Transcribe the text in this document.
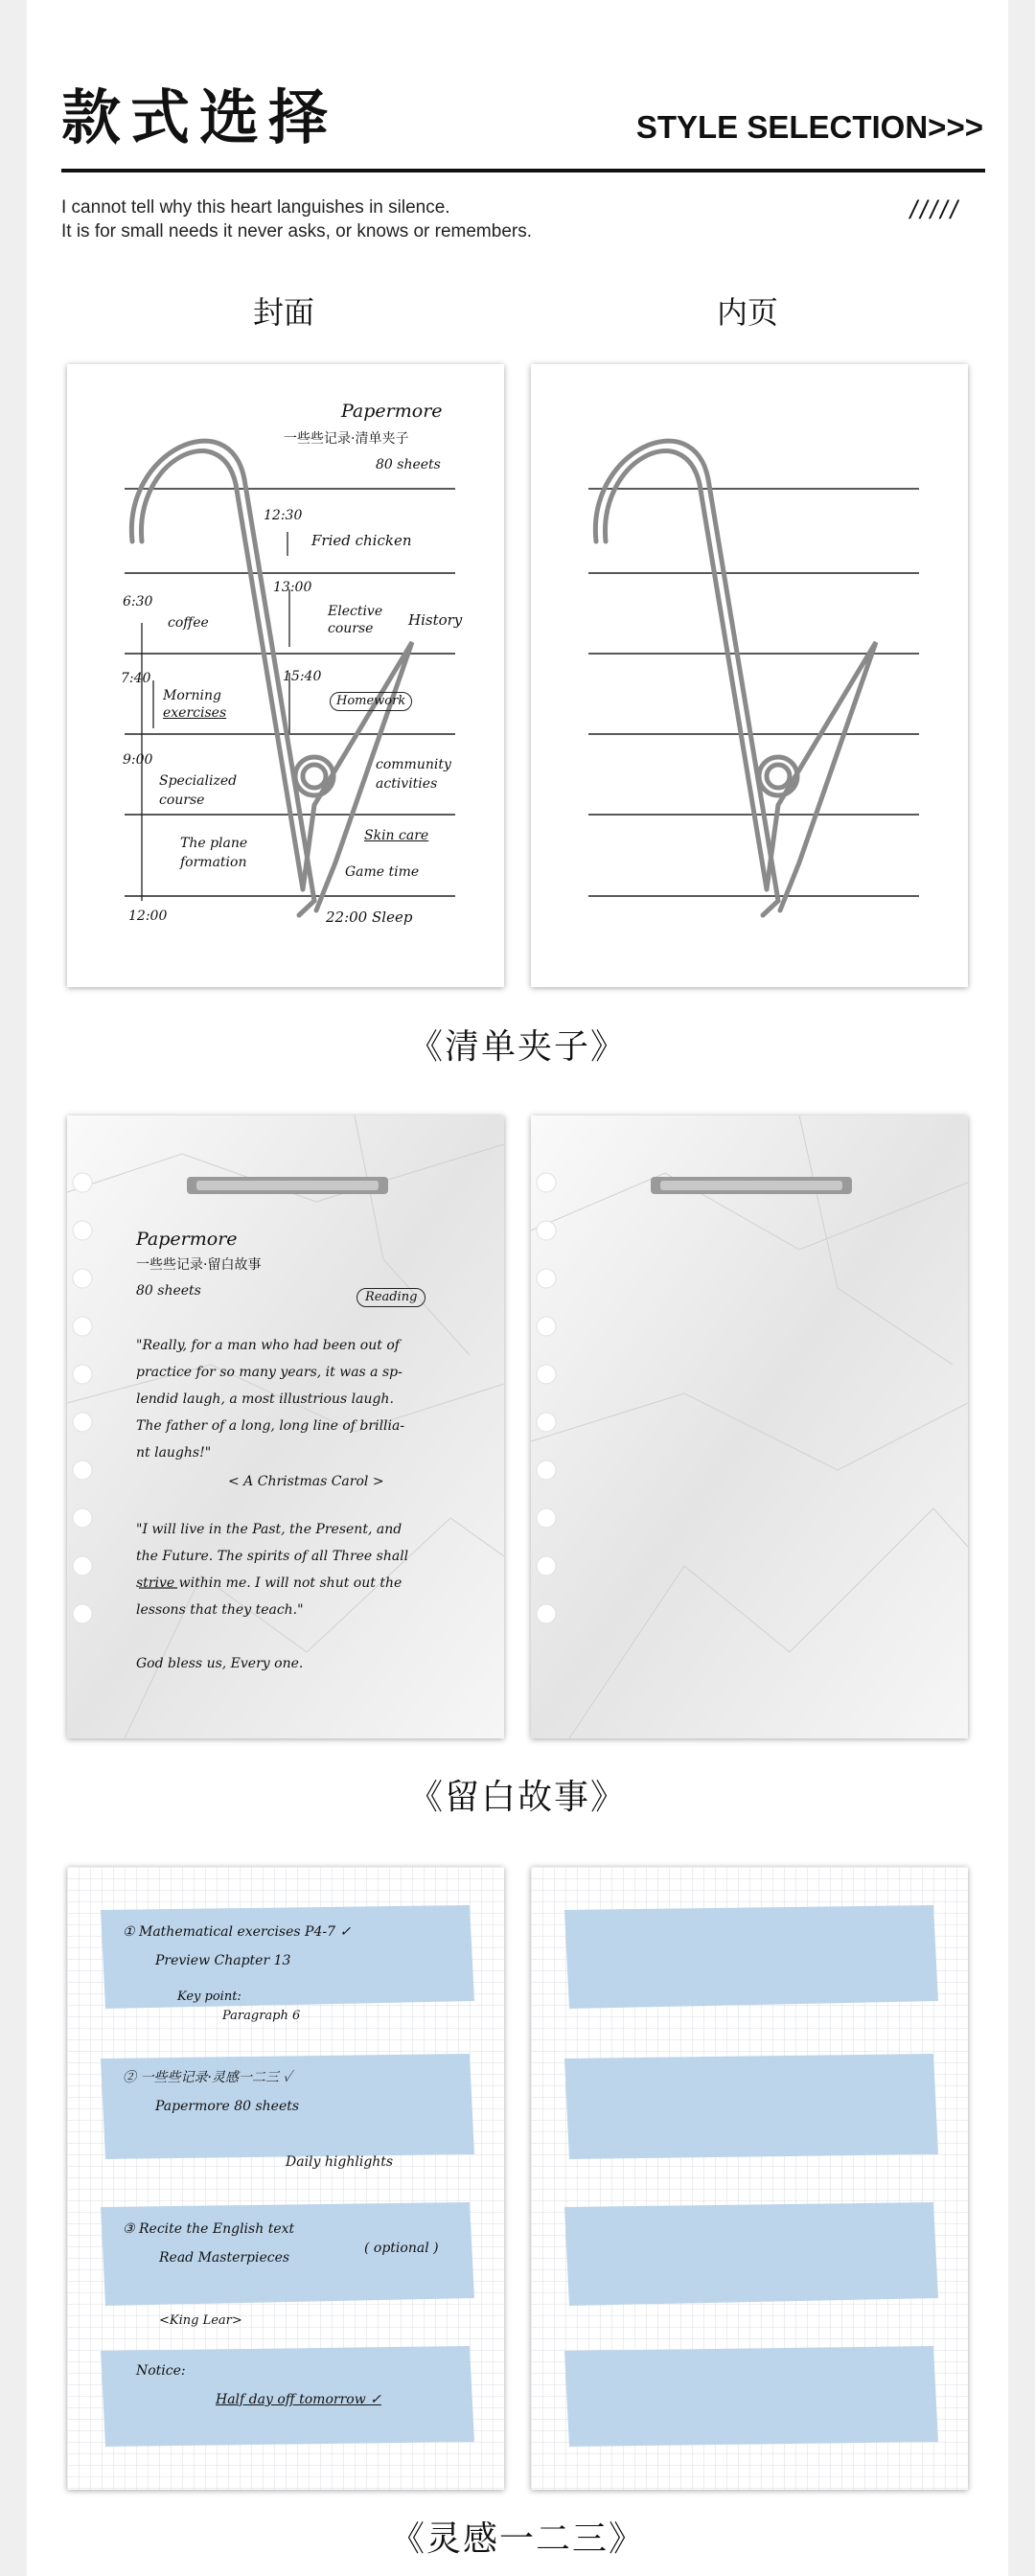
款式选择	STYLE SELECTION>>>
I cannot tell why this heart languishes in silence.
It is for small needs it never asks, or knows or remembers.
/////
封面	内页
Papermore
一些些记录·清单夹子
80 sheets
12:30
Fried chicken
13:00
6:30
coffee
Elective
course History
7:40	15:40
Morning
exercises
Homework
9:00	community
activities
Specialized
course
Skin care
The plane
formation
Game time
12:00	22:00 Sleep
《清单夹子》
Papermore
一些些记录·留白故事
80 sheets	Reading
"Really, for a man who had been out of
practice for so many years, it was a sp-
lendid laugh, a most illustrious laugh.
The father of a long, long line of brillia-
nt laughs!"
< A Christmas Carol >
"I will live in the Past, the Present, and
the Future. The spirits of all Three shall
strive within me. I will not shut out the
lessons that they teach."
God bless us, Every one.
《留白故事》
① Mathematical exercises P4-7 ✓
Preview Chapter 13
Key point:
Paragraph 6
② 一些些记录·灵感一二三 ✓
Papermore 80 sheets
Daily highlights
③ Recite the English text
Read Masterpieces
( optional )
<King Lear>
Notice:
Half day off tomorrow ✓
《灵感一二三》
